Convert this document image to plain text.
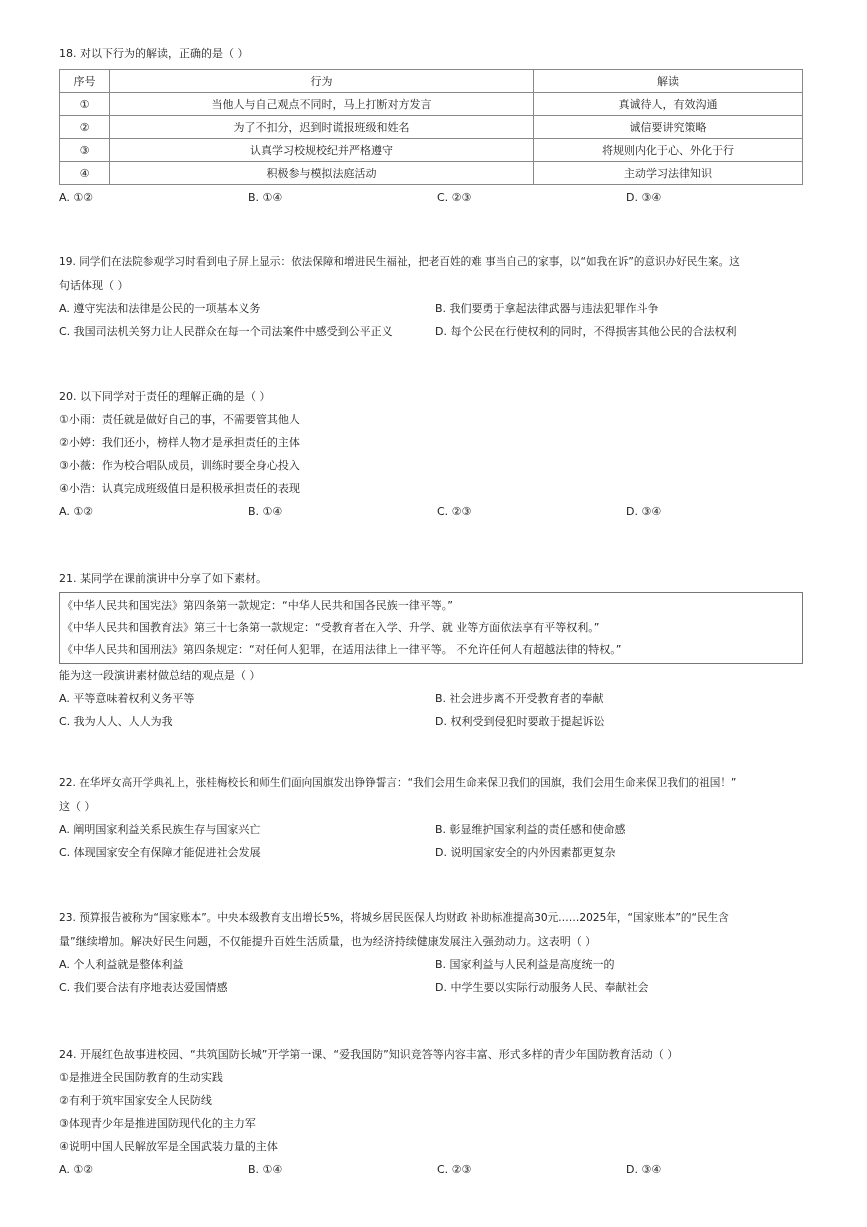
18. 对以下行为的解读，正确的是（ ）
序号	行为	解读
①	当他人与自己观点不同时，马上打断对方发言	真诚待人，有效沟通
②	为了不扣分，迟到时谎报班级和姓名	诚信要讲究策略
③	认真学习校规校纪并严格遵守	将规则内化于心、外化于行
④	积极参与模拟法庭活动	主动学习法律知识
A. ①②	B. ①④	C. ②③	D. ③④
19. 同学们在法院参观学习时看到电子屏上显示：依法保障和增进民生福祉，把老百姓的难 事当自己的家事，以“如我在诉”的意识办好民生案。这
句话体现（ ）
A. 遵守宪法和法律是公民的一项基本义务	B. 我们要勇于拿起法律武器与违法犯罪作斗争
C. 我国司法机关努力让人民群众在每一个司法案件中感受到公平正义	D. 每个公民在行使权利的同时，不得损害其他公民的合法权利
20. 以下同学对于责任的理解正确的是（ ）
①小雨：责任就是做好自己的事，不需要管其他人
②小婷：我们还小，榜样人物才是承担责任的主体
③小薇：作为校合唱队成员，训练时要全身心投入
④小浩：认真完成班级值日是积极承担责任的表现
A. ①②	B. ①④	C. ②③	D. ③④
21. 某同学在课前演讲中分享了如下素材。
《中华人民共和国宪法》第四条第一款规定：“中华人民共和国各民族一律平等。”
《中华人民共和国教育法》第三十七条第一款规定：“受教育者在入学、升学、就 业等方面依法享有平等权利。”
《中华人民共和国刑法》第四条规定：“对任何人犯罪，在适用法律上一律平等。 不允许任何人有超越法律的特权。”
能为这一段演讲素材做总结的观点是（ ）
A. 平等意味着权利义务平等	B. 社会进步离不开受教育者的奉献
C. 我为人人、人人为我	D. 权利受到侵犯时要敢于提起诉讼
22. 在华坪女高开学典礼上，张桂梅校长和师生们面向国旗发出铮铮誓言：“我们会用生命来保卫我们的国旗，我们会用生命来保卫我们的祖国！”
这（ ）
A. 阐明国家利益关系民族生存与国家兴亡	B. 彰显维护国家利益的责任感和使命感
C. 体现国家安全有保障才能促进社会发展	D. 说明国家安全的内外因素都更复杂
23. 预算报告被称为“国家账本”。中央本级教育支出增长5%，将城乡居民医保人均财政 补助标准提高30元……2025年，“国家账本”的“民生含
量”继续增加。解决好民生问题，不仅能提升百姓生活质量，也为经济持续健康发展注入强劲动力。这表明（ ）
A. 个人利益就是整体利益	B. 国家利益与人民利益是高度统一的
C. 我们要合法有序地表达爱国情感	D. 中学生要以实际行动服务人民、奉献社会
24. 开展红色故事进校园、“共筑国防长城”开学第一课、“爱我国防”知识竞答等内容丰富、形式多样的青少年国防教育活动（ ）
①是推进全民国防教育的生动实践
②有利于筑牢国家安全人民防线
③体现青少年是推进国防现代化的主力军
④说明中国人民解放军是全国武装力量的主体
A. ①②	B. ①④	C. ②③	D. ③④
